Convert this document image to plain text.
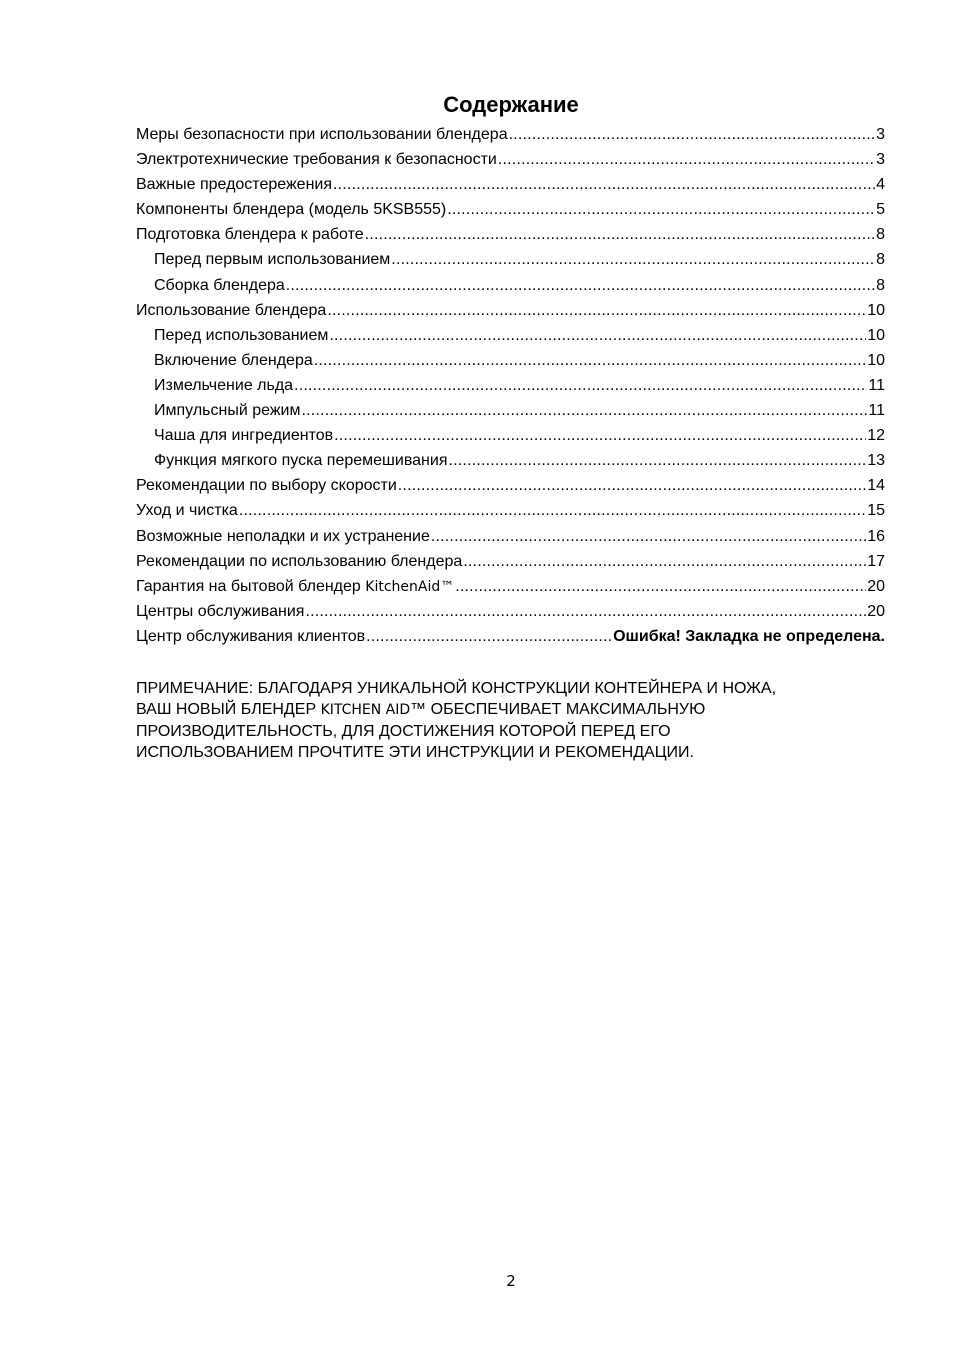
Содержание
Меры безопасности при использовании блендера .....	3
Электротехнические требования к безопасности .....	3
Важные предостережения .....	4
Компоненты блендера (модель 5KSB555) .....	5
Подготовка блендера к работе .....	8
Перед первым использованием .....	8
Сборка блендера .....	8
Использование блендера .....	10
Перед использованием .....	10
Включение блендера .....	10
Измельчение льда .....	11
Импульсный режим .....	11
Чаша для ингредиентов .....	12
Функция мягкого пуска перемешивания .....	13
Рекомендации по выбору скорости .....	14
Уход и чистка .....	15
Возможные неполадки и их устранение .....	16
Рекомендации по использованию блендера .....	17
Гарантия на бытовой блендер KitchenAid™ .....	20
Центры обслуживания .....	20
Центр обслуживания клиентов .....	Ошибка! Закладка не определена.
ПРИМЕЧАНИЕ: БЛАГОДАРЯ УНИКАЛЬНОЙ КОНСТРУКЦИИ КОНТЕЙНЕРА И НОЖА,
ВАШ НОВЫЙ БЛЕНДЕР KITCHEN AID™ ОБЕСПЕЧИВАЕТ МАКСИМАЛЬНУЮ
ПРОИЗВОДИТЕЛЬНОСТЬ, ДЛЯ ДОСТИЖЕНИЯ КОТОРОЙ ПЕРЕД ЕГО
ИСПОЛЬЗОВАНИЕМ ПРОЧТИТЕ ЭТИ ИНСТРУКЦИИ И РЕКОМЕНДАЦИИ.
2
